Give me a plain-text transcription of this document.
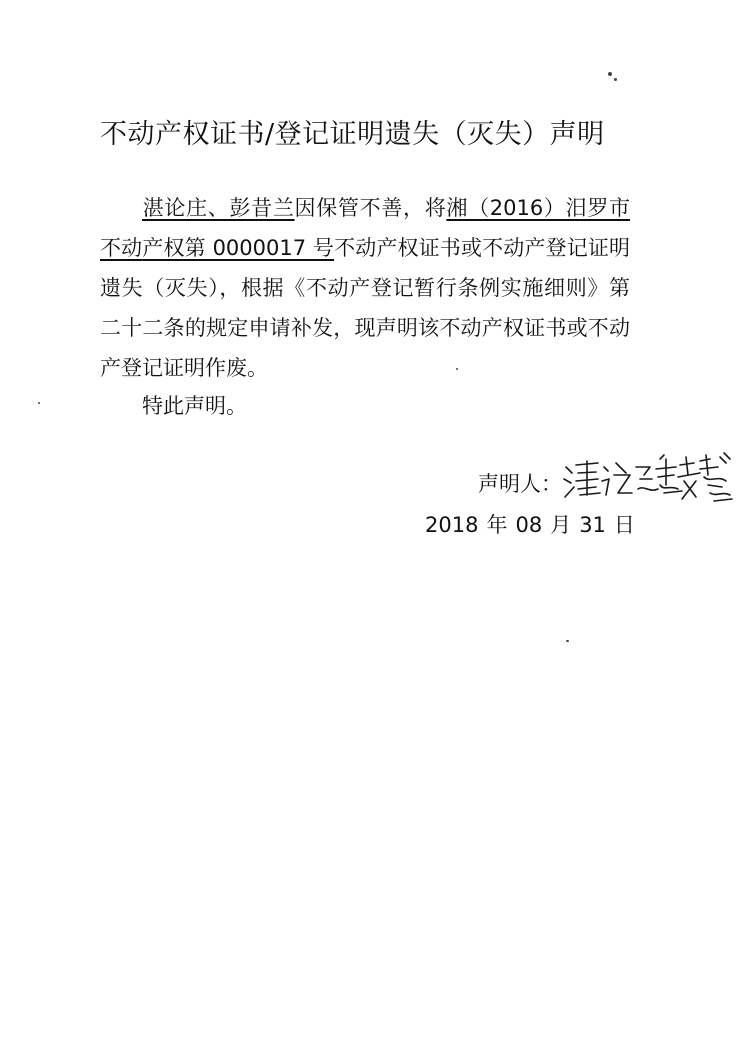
不动产权证书/登记证明遗失（灭失）声明
湛论庄、彭昔兰因保管不善，将湘（2016）汨罗市不动产权第 0000017 号不动产权证书或不动产登记证明遗失（灭失），根据《不动产登记暂行条例实施细则》第二十二条的规定申请补发，现声明该不动产权证书或不动产登记证明作废。
特此声明。
声明人：
2018 年 08 月 31 日
